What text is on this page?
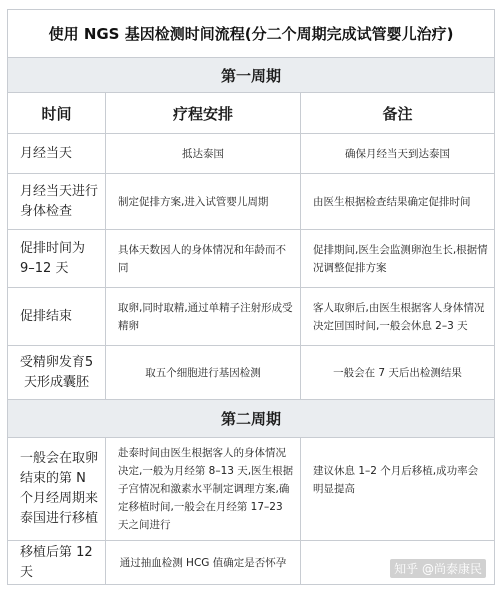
使用 NGS 基因检测时间流程(分二个周期完成试管婴儿治疗)		
第一周期		
时间	疗程安排	备注
月经当天	抵达泰国	确保月经当天到达泰国
月经当天进行身体检查	制定促排方案,进入试管婴儿周期	由医生根据检查结果确定促排时间
促排时间为 9–12 天	具体天数因人的身体情况和年龄而不同	促排期间,医生会监测卵泡生长,根据情况调整促排方案
促排结束	取卵,同时取精,通过单精子注射形成受精卵	客人取卵后,由医生根据客人身体情况决定回国时间,一般会休息 2–3 天
受精卵发育5 天形成囊胚	取五个细胞进行基因检测	一般会在 7 天后出检测结果
第二周期		
一般会在取卵结束的第 N 个月经周期来泰国进行移植	赴泰时间由医生根据客人的身体情况决定,一般为月经第 8–13 天,医生根据子宫情况和激素水平制定调理方案,确定移植时间,一般会在月经第 17–23 天之间进行	建议休息 1–2 个月后移植,成功率会明显提高
移植后第 12 天	通过抽血检测 HCG 值确定是否怀孕		知乎 @尚泰康民
